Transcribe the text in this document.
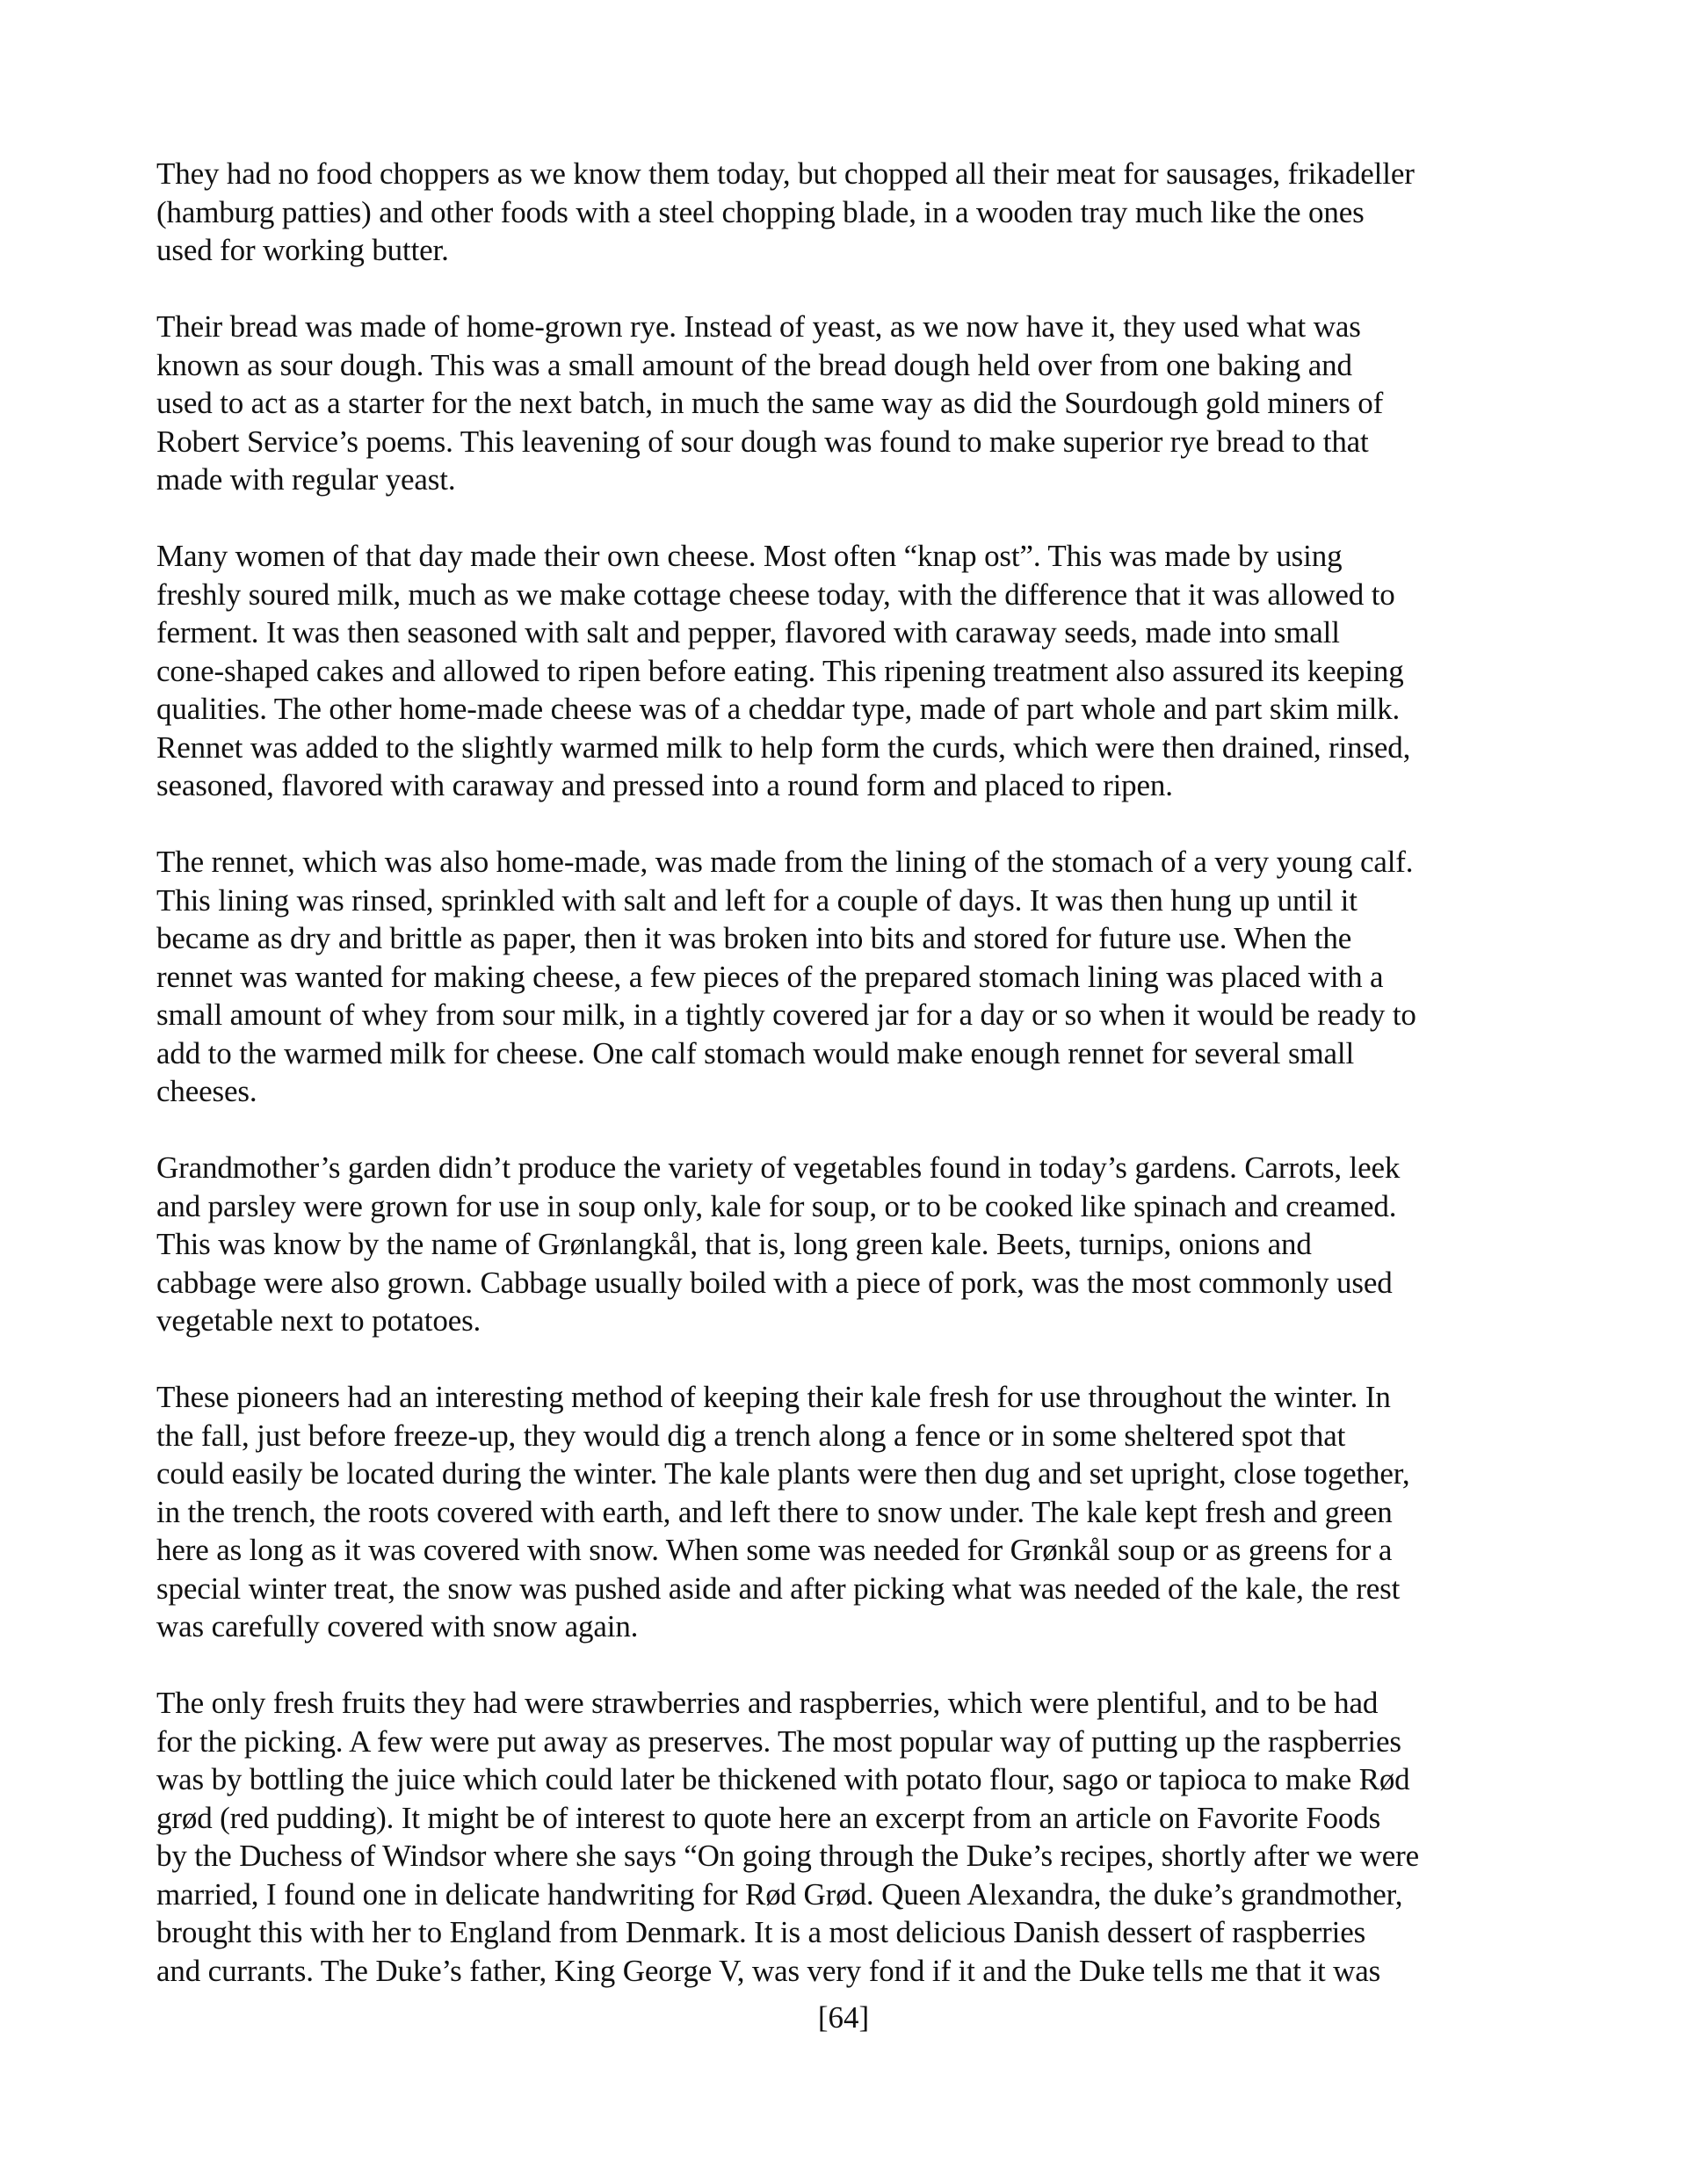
They had no food choppers as we know them today, but chopped all their meat for sausages, frikadeller
(hamburg patties) and other foods with a steel chopping blade, in a wooden tray much like the ones
used for working butter.

Their bread was made of home-grown rye. Instead of yeast, as we now have it, they used what was
known as sour dough. This was a small amount of the bread dough held over from one baking and
used to act as a starter for the next batch, in much the same way as did the Sourdough gold miners of
Robert Service’s poems. This leavening of sour dough was found to make superior rye bread to that
made with regular yeast.

Many women of that day made their own cheese. Most often “knap ost”. This was made by using
freshly soured milk, much as we make cottage cheese today, with the difference that it was allowed to
ferment. It was then seasoned with salt and pepper, flavored with caraway seeds, made into small
cone-shaped cakes and allowed to ripen before eating. This ripening treatment also assured its keeping
qualities. The other home-made cheese was of a cheddar type, made of part whole and part skim milk.
Rennet was added to the slightly warmed milk to help form the curds, which were then drained, rinsed,
seasoned, flavored with caraway and pressed into a round form and placed to ripen.

The rennet, which was also home-made, was made from the lining of the stomach of a very young calf.
This lining was rinsed, sprinkled with salt and left for a couple of days. It was then hung up until it
became as dry and brittle as paper, then it was broken into bits and stored for future use. When the
rennet was wanted for making cheese, a few pieces of the prepared stomach lining was placed with a
small amount of whey from sour milk, in a tightly covered jar for a day or so when it would be ready to
add to the warmed milk for cheese. One calf stomach would make enough rennet for several small
cheeses.

Grandmother’s garden didn’t produce the variety of vegetables found in today’s gardens. Carrots, leek
and parsley were grown for use in soup only, kale for soup, or to be cooked like spinach and creamed.
This was know by the name of Grønlangkål, that is, long green kale. Beets, turnips, onions and
cabbage were also grown. Cabbage usually boiled with a piece of pork, was the most commonly used
vegetable next to potatoes.

These pioneers had an interesting method of keeping their kale fresh for use throughout the winter. In
the fall, just before freeze-up, they would dig a trench along a fence or in some sheltered spot that
could easily be located during the winter. The kale plants were then dug and set upright, close together,
in the trench, the roots covered with earth, and left there to snow under. The kale kept fresh and green
here as long as it was covered with snow. When some was needed for Grønkål soup or as greens for a
special winter treat, the snow was pushed aside and after picking what was needed of the kale, the rest
was carefully covered with snow again.

The only fresh fruits they had were strawberries and raspberries, which were plentiful, and to be had
for the picking. A few were put away as preserves. The most popular way of putting up the raspberries
was by bottling the juice which could later be thickened with potato flour, sago or tapioca to make Rød
grød (red pudding). It might be of interest to quote here an excerpt from an article on Favorite Foods
by the Duchess of Windsor where she says “On going through the Duke’s recipes, shortly after we were
married, I found one in delicate handwriting for Rød Grød. Queen Alexandra, the duke’s grandmother,
brought this with her to England from Denmark. It is a most delicious Danish dessert of raspberries
and currants. The Duke’s father, King George V, was very fond if it and the Duke tells me that it was

[64]
